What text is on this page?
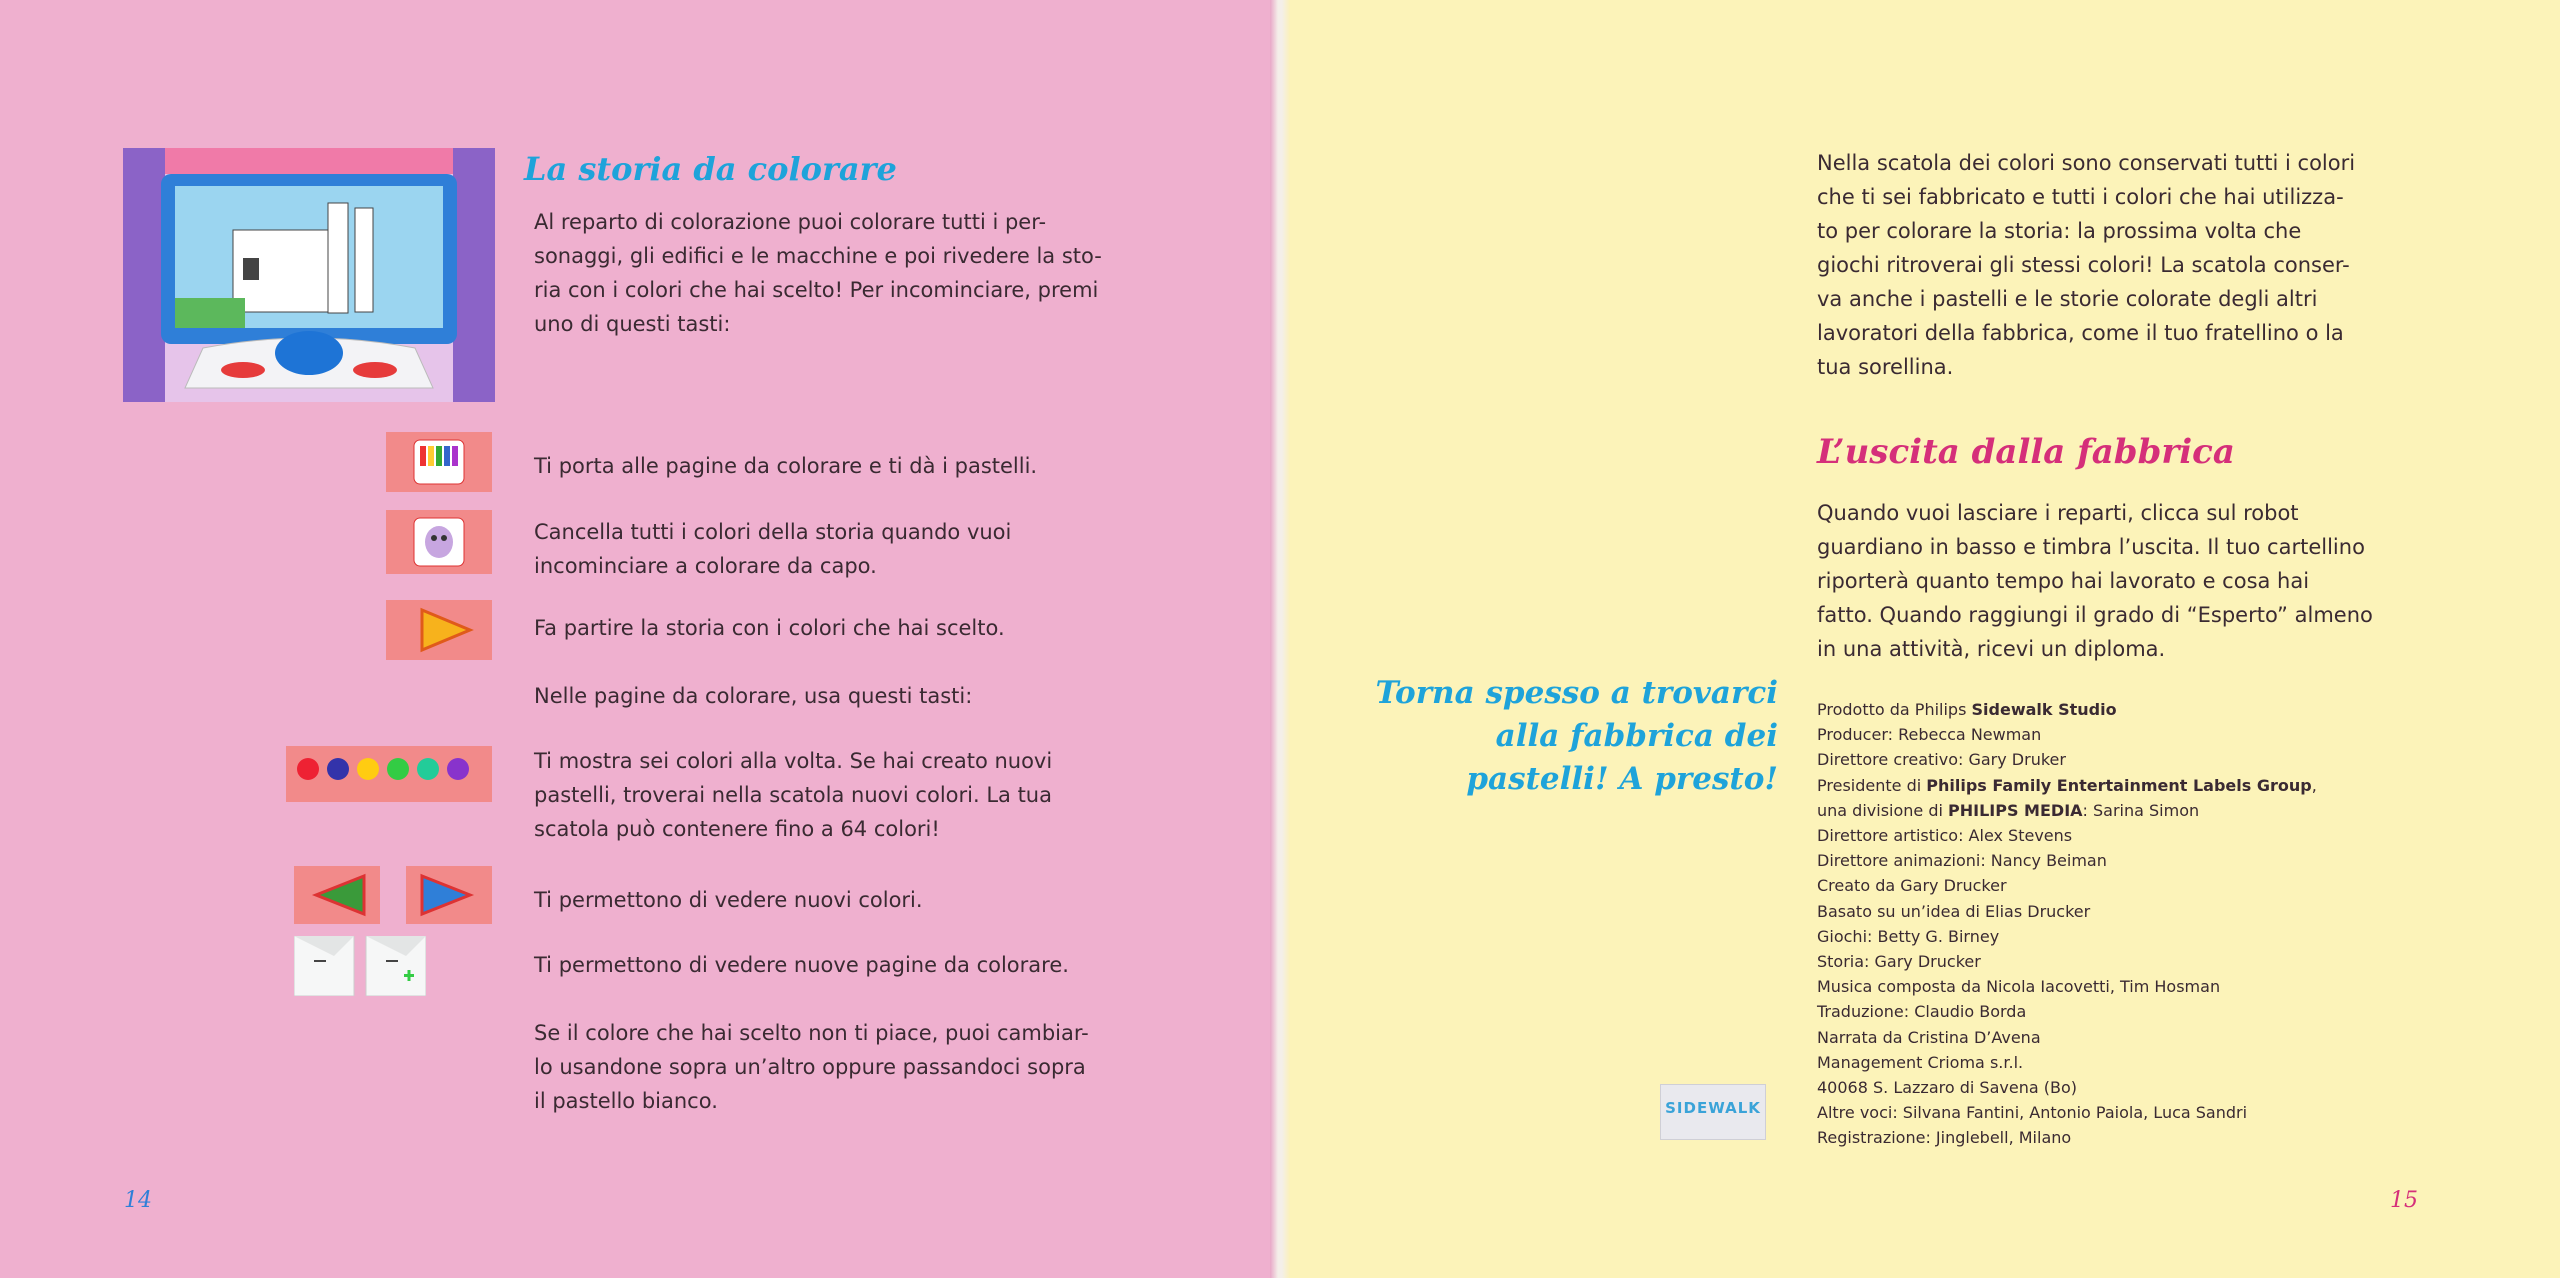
La storia da colorare
Al reparto di colorazione puoi colorare tutti i per-
sonaggi, gli edifici e le macchine e poi rivedere la sto-
ria con i colori che hai scelto! Per incominciare, premi
uno di questi tasti:
Ti porta alle pagine da colorare e ti dà i pastelli.
Cancella tutti i colori della storia quando vuoi
incominciare a colorare da capo.
Fa partire la storia con i colori che hai scelto.
Nelle pagine da colorare, usa questi tasti:
Ti mostra sei colori alla volta. Se hai creato nuovi
pastelli, troverai nella scatola nuovi colori. La tua
scatola può contenere fino a 64 colori!
Ti permettono di vedere nuovi colori.
Ti permettono di vedere nuove pagine da colorare.
Se il colore che hai scelto non ti piace, puoi cambiar-
lo usandone sopra un’altro oppure passandoci sopra
il pastello bianco.
14
Nella scatola dei colori sono conservati tutti i colori
che ti sei fabbricato e tutti i colori che hai utilizza-
to per colorare la storia: la prossima volta che
giochi ritroverai gli stessi colori! La scatola conser-
va anche i pastelli e le storie colorate degli altri
lavoratori della fabbrica, come il tuo fratellino o la
tua sorellina.
L’uscita dalla fabbrica
Quando vuoi lasciare i reparti, clicca sul robot
guardiano in basso e timbra l’uscita. Il tuo cartellino
riporterà quanto tempo hai lavorato e cosa hai
fatto. Quando raggiungi il grado di “Esperto” almeno
in una attività, ricevi un diploma.
Torna spesso a trovarci
alla fabbrica dei
pastelli! A presto!
Prodotto da Philips Sidewalk Studio
Producer: Rebecca Newman
Direttore creativo: Gary Druker
Presidente di Philips Family Entertainment Labels Group,
una divisione di PHILIPS MEDIA: Sarina Simon
Direttore artistico: Alex Stevens
Direttore animazioni: Nancy Beiman
Creato da Gary Drucker
Basato su un’idea di Elias Drucker
Giochi: Betty G. Birney
Storia: Gary Drucker
Musica composta da Nicola Iacovetti, Tim Hosman
Traduzione: Claudio Borda
Narrata da Cristina D’Avena
Management Crioma s.r.l.
40068 S. Lazzaro di Savena (Bo)
Altre voci: Silvana Fantini, Antonio Paiola, Luca Sandri
Registrazione: Jinglebell, Milano
SIDEWALK
15
